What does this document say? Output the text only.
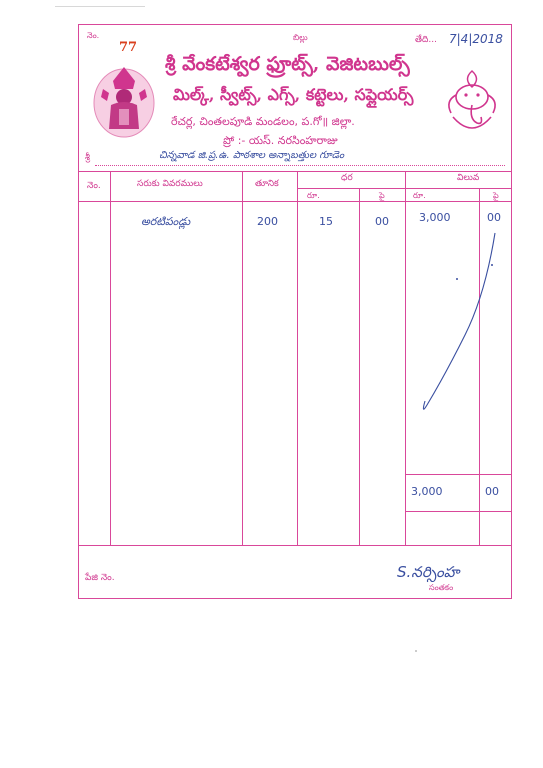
నెం.
77
బిల్లు	తేది... 7|4|2018
శ్రీ వేంకటేశ్వర ఫ్రూట్స్, వెజిటబుల్స్
మిల్క్, స్వీట్స్, ఎగ్స్, కట్టెలు, సప్లైయర్స్
రేచర్ల, చింతలపూడి మండలం, ప.గో॥ జిల్లా.
ప్రో :- యస్. నరసింహరాజు
శ్రీ	చిన్నవాడ జి.ప్ర.ఉ. పాఠశాల అన్నాబత్తుల గూడెం
నెం.	సరుకు వివరములు	తూనిక
ధర	విలువ
రూ.	పై	రూ.	పై
అరటిపండ్లు	200	15	00	3,000	00
3,000	00
పేజి నెం.	S.నర్సింహ
సంతకం
